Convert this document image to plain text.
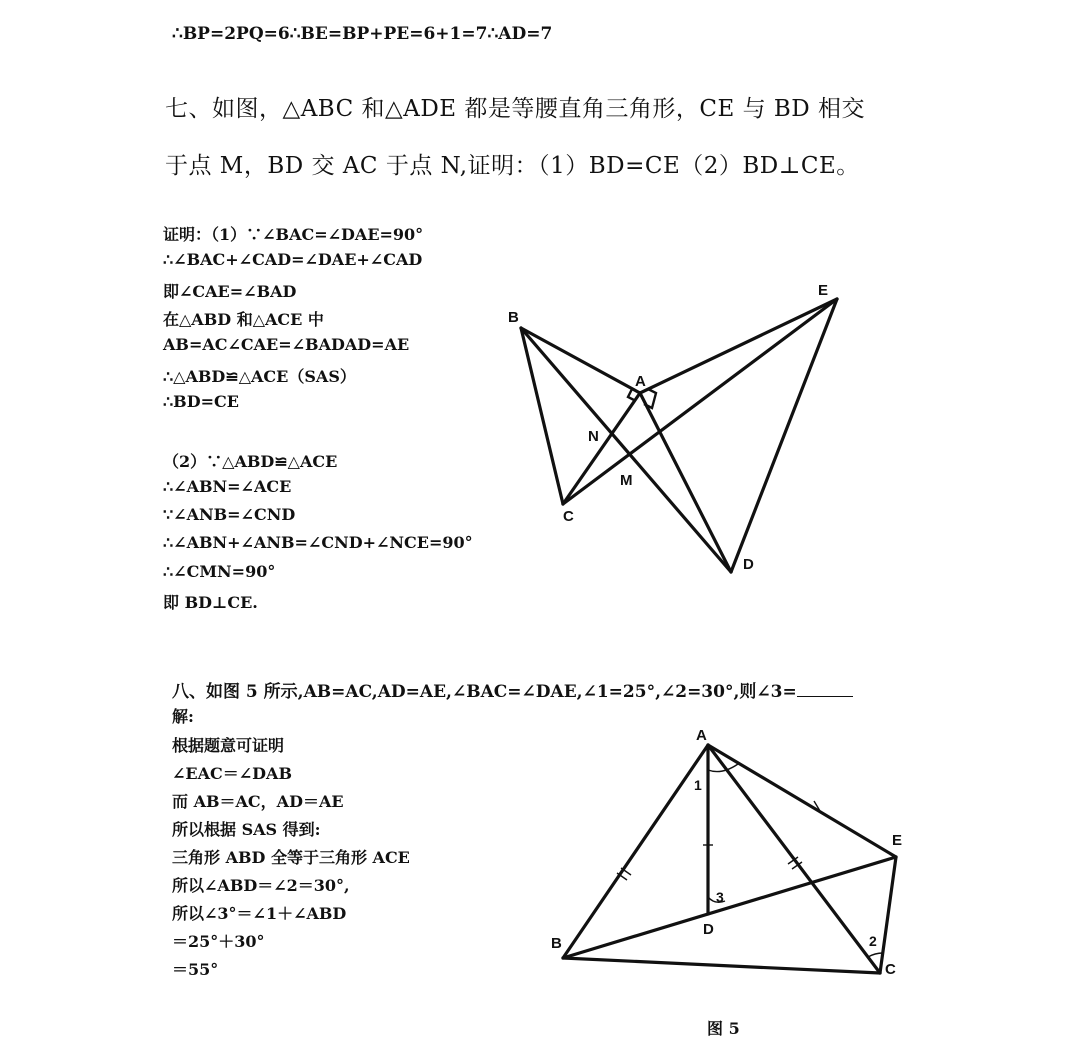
∴BP=2PQ=6∴BE=BP+PE=6+1=7∴AD=7
七、如图，△ABC 和△ADE 都是等腰直角三角形，CE 与 BD 相交
于点 M，BD 交 AC 于点 N,证明：（1）BD=CE（2）BD⊥CE。
证明：（1）∵∠BAC=∠DAE=90°
∴∠BAC+∠CAD=∠DAE+∠CAD
即∠CAE=∠BAD
在△ABD 和△ACE 中
AB=AC∠CAE=∠BADAD=AE
∴△ABD≌△ACE（SAS）
∴BD=CE
（2）∵△ABD≌△ACE
∴∠ABN=∠ACE
∵∠ANB=∠CND
∴∠ABN+∠ANB=∠CND+∠NCE=90°
∴∠CMN=90°
即 BD⊥CE.
B
E
A
N
M
C
D
八、如图 5 所示,AB=AC,AD=AE,∠BAC=∠DAE,∠1=25°,∠2=30°,则∠3=
解:
根据题意可证明
∠EAC＝∠DAB
而 AB＝AC，AD＝AE
所以根据 SAS 得到:
三角形 ABD 全等于三角形 ACE
所以∠ABD＝∠2＝30°,
所以∠3°＝∠1＋∠ABD
＝25°＋30°
＝55°
A
E
B
C
D
1
2
3
图 5
